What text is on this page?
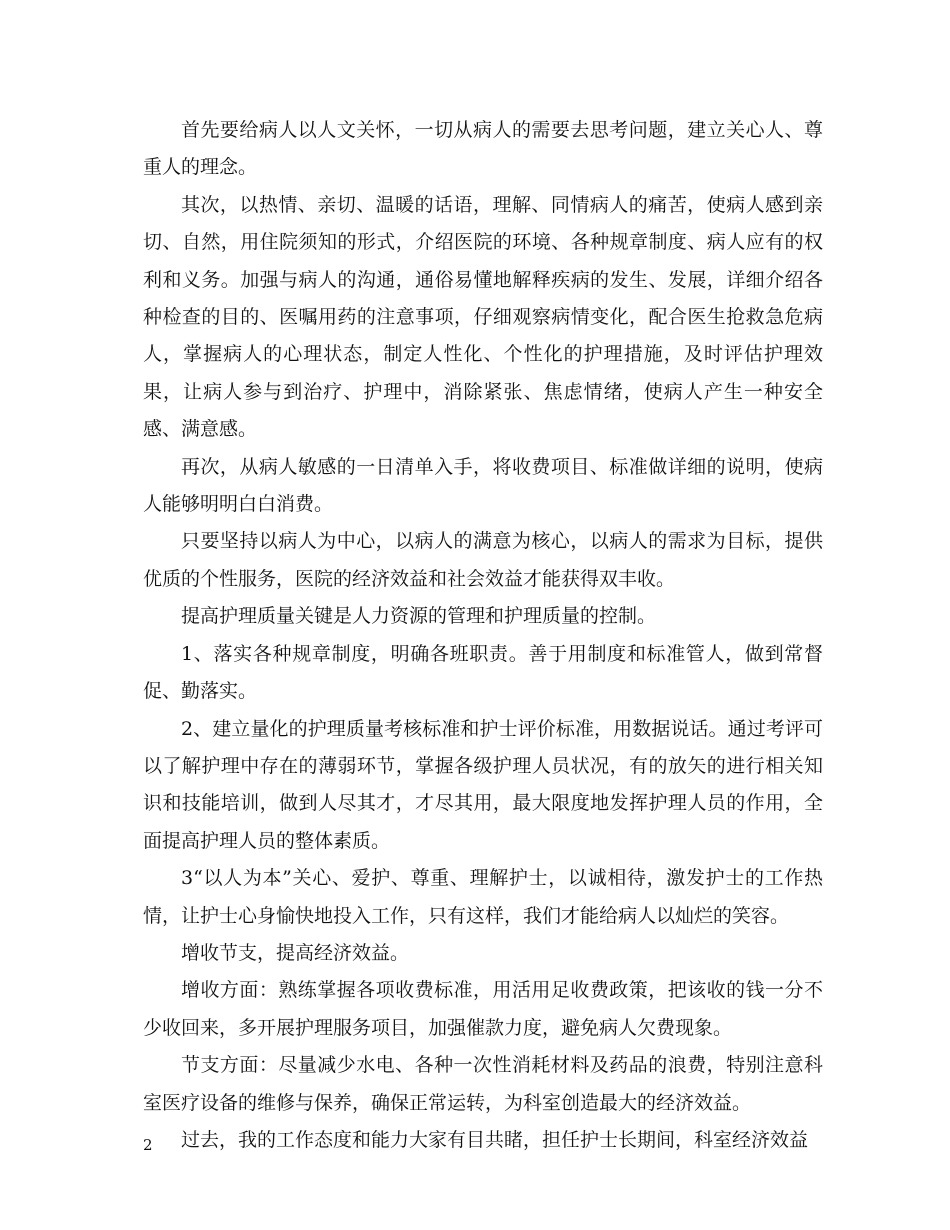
首先要给病人以人文关怀，一切从病人的需要去思考问题，建立关心人、尊重人的理念。

其次，以热情、亲切、温暖的话语，理解、同情病人的痛苦，使病人感到亲切、自然，用住院须知的形式，介绍医院的环境、各种规章制度、病人应有的权利和义务。加强与病人的沟通，通俗易懂地解释疾病的发生、发展，详细介绍各种检查的目的、医嘱用药的注意事项，仔细观察病情变化，配合医生抢救急危病人，掌握病人的心理状态，制定人性化、个性化的护理措施，及时评估护理效果，让病人参与到治疗、护理中，消除紧张、焦虑情绪，使病人产生一种安全感、满意感。

再次，从病人敏感的一日清单入手，将收费项目、标准做详细的说明，使病人能够明明白白消费。

只要坚持以病人为中心，以病人的满意为核心，以病人的需求为目标，提供优质的个性服务，医院的经济效益和社会效益才能获得双丰收。

提高护理质量关键是人力资源的管理和护理质量的控制。

1、落实各种规章制度，明确各班职责。善于用制度和标准管人，做到常督促、勤落实。

2、建立量化的护理质量考核标准和护士评价标准，用数据说话。通过考评可以了解护理中存在的薄弱环节，掌握各级护理人员状况，有的放矢的进行相关知识和技能培训，做到人尽其才，才尽其用，最大限度地发挥护理人员的作用，全面提高护理人员的整体素质。

3“以人为本”关心、爱护、尊重、理解护士，以诚相待，激发护士的工作热情，让护士心身愉快地投入工作，只有这样，我们才能给病人以灿烂的笑容。

增收节支，提高经济效益。

增收方面：熟练掌握各项收费标准，用活用足收费政策，把该收的钱一分不少收回来，多开展护理服务项目，加强催款力度，避免病人欠费现象。

节支方面：尽量减少水电、各种一次性消耗材料及药品的浪费，特别注意科室医疗设备的维修与保养，确保正常运转，为科室创造最大的经济效益。

过去，我的工作态度和能力大家有目共睹，担任护士长期间，科室经济效益

2
